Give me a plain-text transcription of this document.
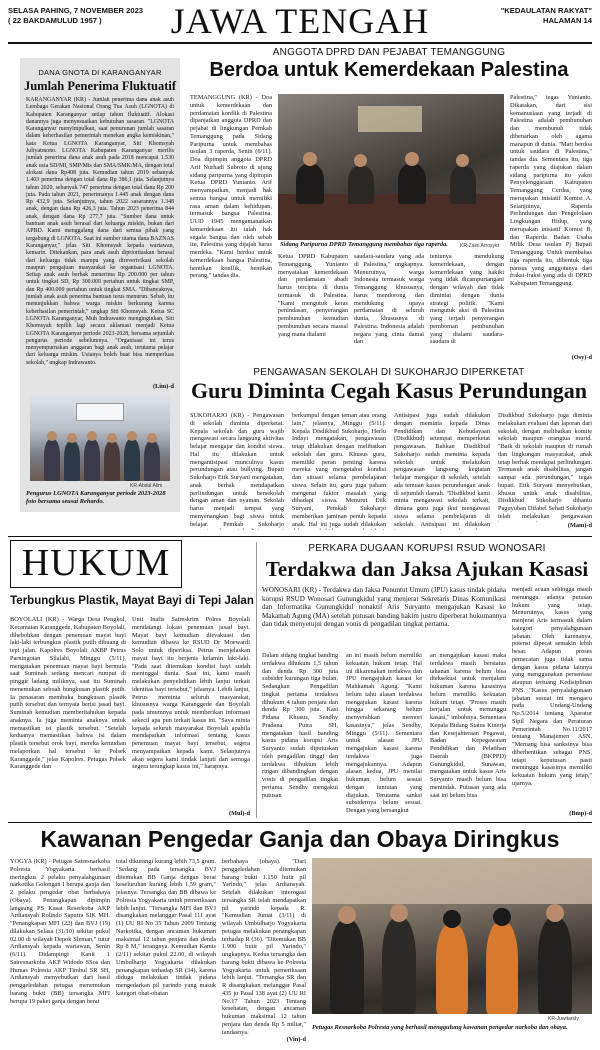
SELASA PAHING, 7 NOVEMBER 2023
( 22 BAKDAMULUD 1957 )	JAWA TENGAH	"KEDAULATAN RAKYAT"
HALAMAN 14
DANA GNOTA DI KARANGANYAR
Jumlah Penerima Fluktuatif
KARANGANYAR (KR) - Jumlah penerima dana anak asuh Lembaga Gerakan Nasional Orang Tua Asuh (LGNOTA) di Kabupaten Karanganyar setiap tahun fluktuatif. Alokasi danannya juga menyesuaikan kebutuhan sasaran. "LGNOTA Karanganyar menyimpulkan, saat penurunan jumlah sasaran dalam keberhasilan pemerintah menekan angka kemiskinan," kata Ketua LGNOTA Karanganyar, Siti Khomsyah Juliyatmono. LGNOTA Kabupaten Karanganyar merilis jumlah penerima dana anak asuh pada 2018 mencapai 1.530 anak usia SD/MI, SMP/Mts dan SMA/SMK/MA, dengan total alokasi dana Rp408 juta. Kemudian tahun 2019 sebanyak 1.403 penerima dengan total dana Rp 386,1 juta. Selanjutnya tahun 2020, sebanyak 747 penerima dengan total dana Rp 200 juta. Pada tahun 2021, penerimanya 1.445 anak dengan dana Rp 432,9 juta. Selanjutnya, tahun 2022 sasarannya 1.348 anak, dengan dana Rp 426,3 juta. Tahun 2023 penerima 844 anak, dengan dana Rp 277,7 juta. "Sumber dana untuk bantuan anak asuh berasal dari keluarga miskin, bukan dari APBD. Kami menggalang dana dari semua pihak yang tergabung di LGNOTA. Saat ini sumber utama dana BAZNAS Karanganyar," jelas Siti Khomsyah kepada wartawan, kemarin. Ditekankan, para anak asuh diprioritaskan berasal dari keluarga tidak mampu yang direverivikasi sekolah maupun pengajuan masyarakat ke organisasi LGNOTA. Setiap anak asuh berhak menerima Rp 200.000 per tahun untuk tingkat SD, Rp 300.000 pertahun untuk tingkat SMP, dan Rp 400.000 pertahun untuk tingkat SMA. "Dibanyaknya, jumlah anak asuh penerima bantuan terus menurun. Sebab, itu menunjukkan bahwa warga miskin berkurang karena keberhasilan pemerintah," ungkap Siti Khomsyah. Ketua SC LGNOTA Karanganyar, Muh Indrawanto menginginkan, Siti Khomsyah tepilih lagi secara aklamasi menjadi Ketua LGNOTA Karanganyar periode 2023-2028, bersama sejumlah pengurus periode sebelumnya. "Organisasi ini terus menyempurnakan anggaran bagi anak asuh, terutama pelajar dari keluarga miskin. Usianya boleh buat bisa memperluas sekolah," ungkap Indrawanto.
(Lim)-d
KR-Abdul Alim
Pengurus LGNOTA Karanganyar periode 2023-2028 foto bersama seusai Rehardo.
ANGGOTA DPRD DAN PEJABAT TEMANGGUNG
Berdoa untuk Kemerdekaan Palestina
TEMANGGUNG (KR) - Doa untuk kemerdekaan dan perdamaian konflik di Palestina dipanjatkan anggota DPRD dan pejabat di lingkungan Pemkab Temanggung pada Sidang Paripurna untuk membahas usulan 3 raperda, Senin (6/11). Doa dipimpin anggota DPRD Arif Nurhadi Subroto di ujung sidang paripurna yang dipimpin Ketua DPRD Yunianto. Arif menyampaikan, menjadi hak semua bangsa untuk memiliki rasa aman dalam kehidupan, termasuk bangsa Palestina. UUD 1945 mengamanatkan kemerdekaan itu ialah hak segala bangsa dan oleh sebab itu, Palestina yang dijajah harus merdeka. "Kami berdoa untuk kemerdekaan bangsa Palestina, hentikan konflik, hentikan perang," tandas dia.
KR-Zaini Arrosyid
Sidang Paripurna DPRD Temanggung membahas tiga raperda.
Ketua DPRD Kabupaten Temanggung, Yunianto menyatakan kemerdekaan dan perdamaian abadi harus tercipta di dunia termasuk di Palestina. "Kami mengutuk keras penindasan, penyerangan pembunuhan kemudian pembunuhan secara massal yang mana dialami
saudara-saudara yang ada di Palestina," ungkapnya. Menurutnya, warga Indonesia termasuk warga Temanggung khususnya, harus mendorong dan mendukung upaya perdamaian di seluruh dunia, khususnya di Palestina. Indonesia adalah negara yang cinta damai dan
tentunya mendukung kemerdekaan, dengan kemerdekaan yang hakiki yang tidak dicampurtangani dengan wilayah dan tidak dimintai dengan dunia strategi politik. "Kami mengutuk aksi di Palestina yang terjadi penyerangan pemboman pembunuhan yang dialami saudara-saudara di
Palestina," tegas Yunianto. Dikatakan, dari sisi kemanusiaan yang terjadi di Palestina adalah pembunuhan dan membunuh tidak dibenarkan oleh agama manapun di dunia. "Mari berdoa untuk saudara di Palestina," tandas dia. Sementara itu, tiga raperda yang diajukan dalam sidang paripurna itu yakni Penyelenggaraan Kabupaten Temanggung Cerdas, yang merupakan inisiatif Komisi A. Selanjutnya, Raperda Perlindungan dan Pengelolaan Lingkungan Hidup, yang merupakan inisiatif Komisi B, dan Raperda Badan Usaha Milik Desa usulan Pj Bupati Temanggung. Untuk membahas tiga raperda itu, dibentuk tiga pansus yang anggotanya dari fraksi-fraksi yang ada di DPRD Kabupaten Temanggung.
(Osy)-d
PENGAWASAN SEKOLAH DI SUKOHARJO DIPERKETAT
Guru Diminta Cegah Kasus Perundungan
SUKOHARJO (KR) - Pengawasan di sekolah diminta diperketat. Kepala sekolah dan guru wajib mengawasi secara langsung aktivitas belajar mengajar dan kondisi siswa. Hal itu dilakukan untuk mengantisipasi munculnya kasus perundungan atau bullying. Bupati Sukoharjo Etik Suryani mengatakan, anak berhak mendapatkan perlindungan untuk bersekolah dengan aman dan nyaman. Sekolah harus menjadi tempat yang menyenangkan bagi siswa untuk belajar. Pemkab Sukoharjo
berkumpul dengan teman atau orang lain," jelasnya, Minggu (5/11). Kepala Disdikbud Sukoharjo, Herlu Indayi mengatakan, pengawasan tetap dilakukan dengan melibatkan sekolah dan guru. Khusus guru, memiliki peran penting karena mereka yang mengetahui kondisi dan situasi selama pembelajaran siswa. Selain itu, guru juga paham mengenai faktor masalah yang dihadapi siswa. Menurut Etik Suryani, Pemkab Sukoharjo memberikan jaminan penuh kepada anak. Hal ini juga sudah dilakukan
Antisipasi juga sudah dilakukan dengan meminta kepada Dinas Pendidikan dan Kebudayaan (Disdikbud) setempat memperketat pengawasan. Bahkan Disdikbud Sukoharjo sudah meminta kepada sekolah untuk melakukan pengawasan langsung kegiatan belajar mengajar di sekolah, setelah ada temuan kasus perundungan anak di sejumlah daerah. "Disdikbud kami minta mengawasi sekolah terkait, dimana guru juga ikut mengawasi siswa selama pembelajaran di sekolah. Antisipasi ini dilakukan
Disdikbud Sukoharjo juga diminta melakukan evaluasi dan laporan dari sekolah, dengan melibatkan komite sekolah maupun orangtua murid. "Baik di sekolah maupun di rumah dan lingkungan masyarakat, anak tetap berhak mendapat perlindungan. Termasuk anak disabilitas, jangan sampai ada perundungan," tegas bupati. Etik Suryani menyebutkan, khusus untuk anak disabilitas, Disdikbud Sukoharjo dibantu Paguyuban Difabel Sehati Sukoharjo telah melakukan pengawasan
(Mam)-d
HUKUM
Terbungkus Plastik, Mayat Bayi di Tepi Jalan
BOYOLALI (KR) - Warga Desa Pengkol, Kecamatan Karanggede, Kabupaten Boyolali, dihebohkan dengan penemuan mayat bayi laki-laki terbungkus plastik putih dibuang di tepi jalan. Kapolres Boyolali AKBP Petrus Parningotan Silalahi, Minggu (5/11), mengatakan penemuan mayat bayi bermula saat Suminah sedang mencari rumput di pinggir ladang miliknya, saat itu Suminah menemukan sebuah bungkusan plastik putih. Ia penasaran membuka bungkusan plastik putih tersebut dan ternyata berisi jasad bayi. Suminah kemudian memberitahukan kepada anaknya. Ia juga meminta anaknya untuk memastikan isi plastik tersebut. "Setelah keduanya memastikan bahwa isi dalam plastik tersebut orok bayi, mereka kemudian melaporkan hal tersebut ke Polsek Karanggede," jelas Kapolres. Petugas Polsek Karanggede dan
Unit Inafis Satreskrim Polres Boyolali mendatangi lokasi penemuan jasad bayi. Mayat bayi kemudian dievakuasi dan kemudian dibawa ke RSUD Dr Moewardi Solo untuk diperiksa. Petrus menjelaskan mayat bayi itu berjenis kelamin laki-laki. "Pada saat ditemukan kondisi bayi sudah meninggal dunia. Saat ini, kami masih melakukan penyelidikan lebih lanjut terkait identitas bayi tersebut," jelasnya. Lebih lanjut, Petrus meminta seluruh masyarakat, khususnya warga Karanggede dan Boyolali pada umumnya untuk memberikan informasi sekecil apa pun terkait kasus ini. "Saya minta kepada seluruh masyarakat Boyolali apabila mendapatkan informasi tentang kasus penemuan mayat bayi tersebut, segera menyampaikan kepada kami. Selanjutnya akan segera kami tindak lanjuti dan semoga segera terungkap kasus ini," harapnya.
(Mul)-d
PERKARA DUGAAN KORUPSI RSUD WONOSARI
Terdakwa dan Jaksa Ajukan Kasasi
WONOSARI (KR) - Terdakwa dan Jaksa Penuntut Umum (JPU) kasus tindak pidana korupsi RSUD Wonosari Gunungkidul yang menjerat Sekretaris Dinas Komunikasi dan Informatika Gunungkidul nonaktif Aris Suryanto mengajukan Kasasi ke Makamah Agung (MA) setelah putusan banding hakim justru diperberat hukumannya dan tidak menyetujui dengan vonis di pengadilan tingkat pertama.
Dalam sidang tingkat banding terdakwa dihukum 1,5 tahun dan denda Rp 300 juta subsider kurungan tiga bulan. Sedangkan Pengadilan tingkat pertama terdakwa dihukum 4 tahun penjara dan denda Rp 300 juta. Kasi Pidana Khusus, Sendhy Pradana Putra SH, mengatakan hasil banding kasus pidana korupsi Aris Suryanto sudah diputuskan oleh pengadilan tinggi dan terdakwa dihukum lebih ringan dibandingkan dengan vonis di pengadilan tingkat pertama. Sendhy mengakui putusan
an ini masih belum memiliki kekuatan hukum tetap. Hal ini dikarenakan terdakwa dan JPU mengajukan kasasi ke Mahkamah Agung. "Kami belum tahu alasan terdakwa mengajukan kasasi karena hingga sekarang belum menyerahkan memori kasasinya," jelas Sendhy, Minggu (5/11). Sementara untuk alasan JPU mengajukan kasasi karena terdakwa juga mengajukannya. Adapun alasan kedua, JPU menilai hukuman belum sesuai dengan tuntutan yang diajukan. Terutama sanksi subsidernya belum sesuai. Dengan yang bersangkut
an mengajukan kasasi maka terdakwa masih berstatus tahanan karena belum bisa dieksekusi untuk menjalani hukuman karena kasasinya belum memiliki kekuatan hukum tetap. "Proses masih berjalan untuk menunggu kasasi," imbuhnya. Sementara Kepala Bidang Status Kinerja dan Kesejahteraan Pegawai, Badan Kepegawaian Pendidikan dan Pelatihan Daerah (BKPPD) Gunungkidul, Sunawan, mengatakan untuk kasus Aris Suryanto masih belum bisa menindak. Putusan yang ada saat ini belum bisa
menjadi acuan sehingga masih menunggu adanya putusan hukum yang tetap. Menurutnya, kasus yang menjerat Aris termasuk dalam kategori penyalahgunaan jabatan. Oleh karenanya, potensi dipecat semakin lebih besar. Adapun proses pemecatan juga tidak sama dengan kasus pidana lainnya yang menggunakan persentase ataupun tertuang Kedisiplinan PNS. "Kasus penyalahgunaan jabatan sesuai ini mengacu pada Undang-Undang No.5/2014 tentang Aparatur Sipil Negara dan Peraturan Pemerintah No.11/2017 tentang Manajemen ASN. "Memang bisa sanksinya bisa diberhentikan sebagai PNS, tetapi keputusan pasti menunggu kasasinya memiliki kekuatan hukum yang tetap," ujarnya.
(Bmp)-d
Kawanan Pengedar Ganja dan Obaya Diringkus
YOGYA (KR) - Petugas Satresnarkoba Polresta Yogyakarta berhasil meringkus 2 pelaku penyalahgunaan narkotika Golongan I berupa ganja dan 2 pelaku pengedar obat berbahaya (Obaya). Penangkapan dipimpin langsung PS Kasat Reserkoba AKP Ardiansyah Rolindo Saputra SIK MH. "Penangkapan MFI (22) dan BVJ (19) dilakukan Selasa (31/10) sekitar pukul 02.00 di wilayah Depok Sleman," tutur Ardiansyah kepada wartawan, Senin (6/11). Didampingi Kanit 1 Satresnarkoba AKP Widodo SSos dan Humas Polresta AKP Timbul SR SH, Ardiansyah menyebutkan dari hasil penggeledahan petugas menemukan barang bukti (BB) tersangka MFI berupa 19 paket ganja dengan berat
total dikurangi kurang lebih 73,5 gram. "Sedang pada tersangka BVJ ditemukan BB Ganja dengan berat keseluruhan kurang lebih 1,59 gram," jelasnya. Tersangka dan BB dibawa ke Polresta Yogyakarta untuk pemeriksaan lebih lanjut. "Tersangka MFI dan BVJ disangkakan melanggar Pasal 111 ayat (1) UU RI No 35 Tahun 2009 Tentang Narkotika, dengan ancaman hukuman maksimal 12 tahun penjara dan denda Rp 8 M," terangnya. Kemudian Kamis (2/11) sekitar pukul 22.00, di wilayah Umbulharjo Yogyakarta dilakukan penangkapan terhadap SR (34), karena diduga melakukan tindak pidana mengedarkan pil yarindo yang masuk kategori obat-obatan
berbahaya (obaya). "Dari penggeledahan ditemukan barang bukti 1.150 butir pil Yarindo," jelas Ardiansyah. Setelah dilakukan interogasi tersangka SR telah mendapatkan pil yarindo kepada R. "Kemudian Jumat (3/11) di wilayah Umbulharjo Yogyakarta petugas melakukan penangkapan terhadap R (36). "Ditemukan BB 1.900 butir pil Yarindo," ungkapnya. Kedua tersangka dan barang bukti dibawa ke Polresta Yogyakarta untuk pemeriksaan lebih lanjut. "Tersangka SR dan R disangkakan melanggar Pasal 435 jo Pasal 138 ayat (2) UU RI No.17 Tahun 2023 Tentang kesehatan, dengan ancaman hukuman maksimal 12 tahun penjara dan denda Rp 5 miliar," tandasnya.
(Vin)-d
KR-Juwitaridy
Petugas Resnarkoba Polresta yang berhasil menggulung kawanan pengedar narkoba dan obaya.
